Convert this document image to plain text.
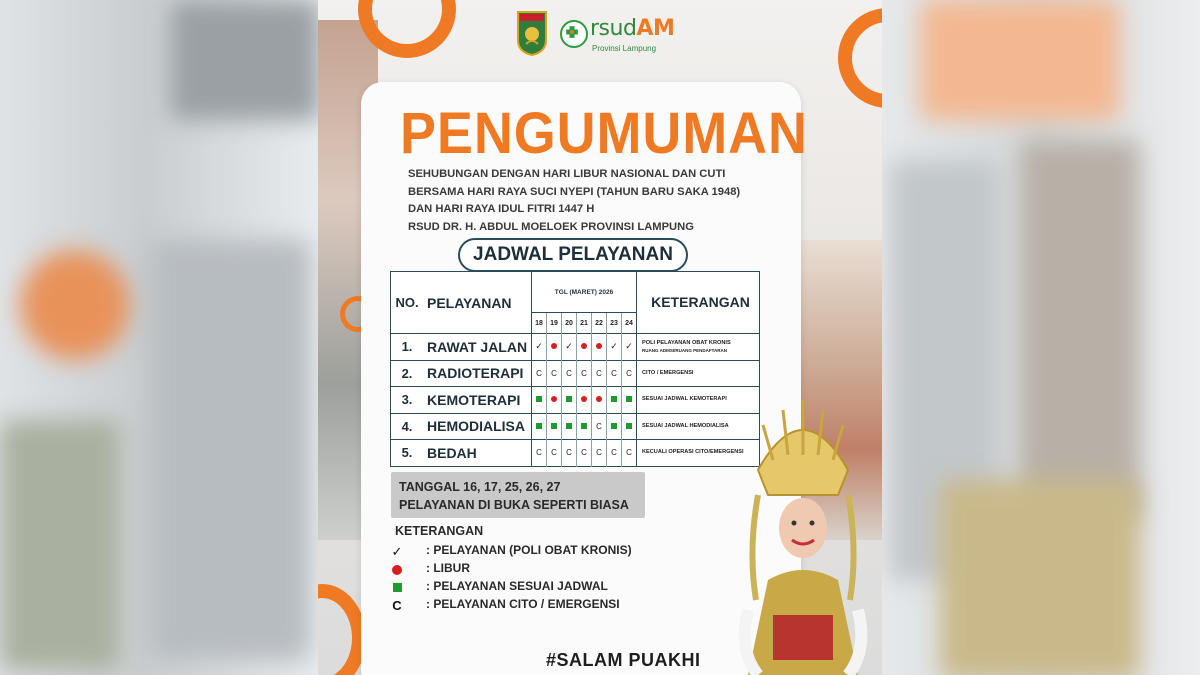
rsudAM
Provinsi Lampung
PENGUMUMAN
SEHUBUNGAN DENGAN HARI LIBUR NASIONAL DAN CUTI
BERSAMA HARI RAYA SUCI NYEPI (TAHUN BARU SAKA 1948)
DAN HARI RAYA IDUL FITRI 1447 H
RSUD DR. H. ABDUL MOELOEK PROVINSI LAMPUNG
JADWAL PELAYANAN
NO.	PELAYANAN	TGL (MARET) 2026							KETERANGAN
		18	19	20	21	22	23	24	
1.	RAWAT JALAN	✓		✓			✓	✓	POLI PELAYANAN OBAT KRONIS
RUANG ADMSI/RUANG PENDAFTARAN

2.	RADIOTERAPI	C	C	C	C	C	C	C	CITO / EMERGENSI

3.	KEMOTERAPI								SESUAI JADWAL KEMOTERAPI

4.	HEMODIALISA					C			SESUAI JADWAL HEMODIALISA

5.	BEDAH	C	C	C	C	C	C	C	KECUALI OPERASI CITO/EMERGENSI
TANGGAL 16, 17, 25, 26, 27
PELAYANAN DI BUKA SEPERTI BIASA
KETERANGAN
✓ : PELAYANAN (POLI OBAT KRONIS)
: LIBUR
: PELAYANAN SESUAI JADWAL
C : PELAYANAN CITO / EMERGENSI
#SALAM PUAKHI
